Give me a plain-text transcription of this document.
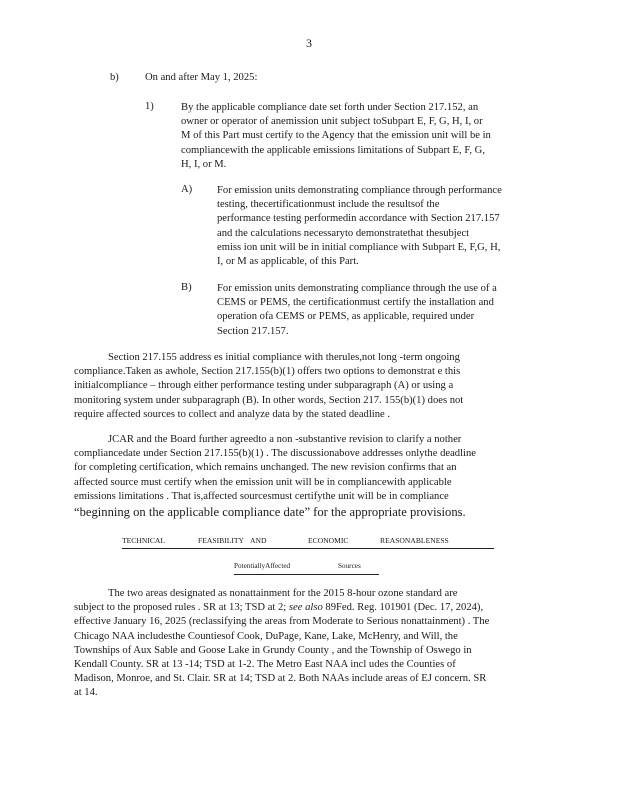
3
b) On and after May 1, 2025:
1)	By the applicable compliance date set forth under Section 217.152, an
owner or operator of anemission unit subject toSubpart E, F, G, H, I, or
M of this Part must certify to the Agency that the emission unit will be in
compliancewith the applicable emissions limitations of Subpart E, F, G,
H, I, or M.
A) For emission units demonstrating compliance through performance
testing, thecertificationmust include the resultsof the
performance testing performedin accordance with Section 217.157
and the calculations necessaryto demonstratethat thesubject
emiss ion unit will be in initial compliance with Subpart E, F,G, H,
I, or M as applicable, of this Part.
B) For emission units demonstrating compliance through the use of a
CEMS or PEMS, the certificationmust certify the installation and
operation ofa CEMS or PEMS, as applicable, required under
Section 217.157.
Section 217.155 address es initial compliance with therules,not long -term ongoing
compliance.Taken as awhole, Section 217.155(b)(1) offers two options to demonstrat e this
initialcompliance – through either performance testing under subparagraph (A) or using a
monitoring system under subparagraph (B). In other words, Section 217. 155(b)(1) does not
require affected sources to collect and analyze data by the stated deadline .
JCAR and the Board further agreedto a non -substantive revision to clarify a nother
compliancedate under Section 217.155(b)(1) . The discussionabove addresses onlythe deadline
for completing certification, which remains unchanged. The new revision confirms that an
affected source must certify when the emission unit will be in compliancewith applicable
emissions limitations . That is,affected sourcesmust certifythe unit will be in compliance
“beginning on the applicable compliance date” for the appropriate provisions.
TECHNICAL	FEASIBILITY AND	ECONOMIC	REASONABLENESS
PotentiallyAffected	Sources
The two areas designated as nonattainment for the 2015 8-hour ozone standard are
subject to the proposed rules . SR at 13; TSD at 2; see also 89Fed. Reg. 101901 (Dec. 17, 2024),
effective January 16, 2025 (reclassifying the areas from Moderate to Serious nonattainment) . The
Chicago NAA includesthe Countiesof Cook, DuPage, Kane, Lake, McHenry, and Will, the
Townships of Aux Sable and Goose Lake in Grundy County , and the Township of Oswego in
Kendall County. SR at 13 -14; TSD at 1-2. The Metro East NAA incl udes the Counties of
Madison, Monroe, and St. Clair. SR at 14; TSD at 2. Both NAAs include areas of EJ concern. SR
at 14.
